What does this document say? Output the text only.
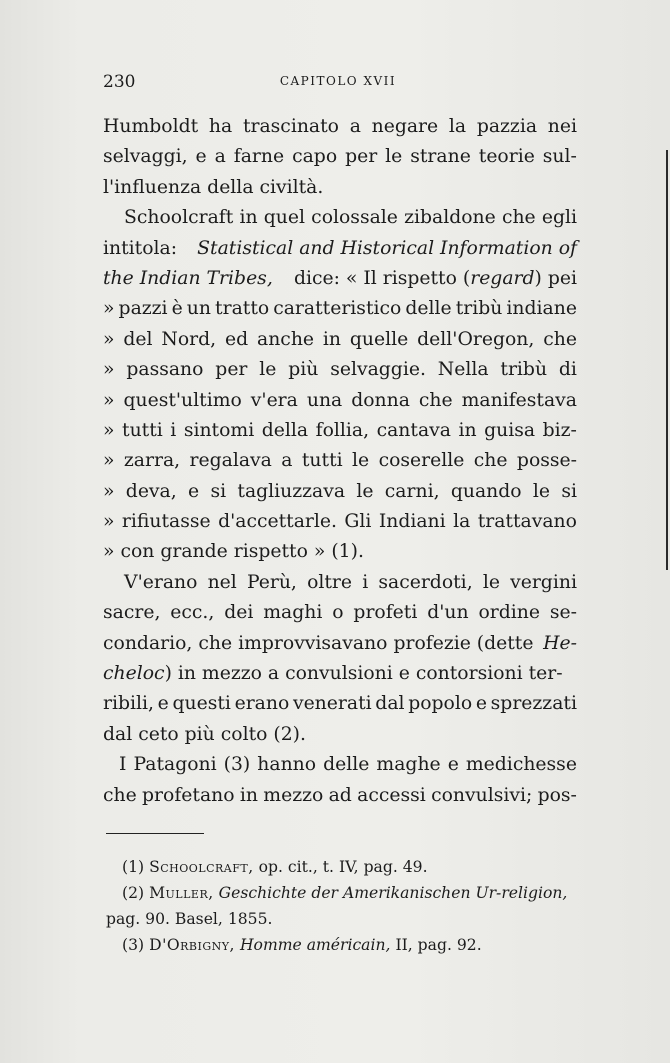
230	CAPITOLO XVII
Humboldt ha trascinato a negare la pazzia nei
selvaggi, e a farne capo per le strane teorie sul-
l'influenza della civiltà.
Schoolcraft in quel colossale zibaldone che egli
intitola: Statistical and Historical Information of
the Indian Tribes, dice: « Il rispetto (regard) pei
» pazzi è un tratto caratteristico delle tribù indiane
» del Nord, ed anche in quelle dell'Oregon, che
» passano per le più selvaggie. Nella tribù di
» quest'ultimo v'era una donna che manifestava
» tutti i sintomi della follia, cantava in guisa biz-
» zarra, regalava a tutti le coserelle che posse-
» deva, e si tagliuzzava le carni, quando le si
» rifiutasse d'accettarle. Gli Indiani la trattavano
» con grande rispetto » (1).
V'erano nel Perù, oltre i sacerdoti, le vergini
sacre, ecc., dei maghi o profeti d'un ordine se-
condario, che improvvisavano profezie (dette He-
cheloc) in mezzo a convulsioni e contorsioni ter-
ribili, e questi erano venerati dal popolo e sprezzati
dal ceto più colto (2).
I Patagoni (3) hanno delle maghe e medichesse
che profetano in mezzo ad accessi convulsivi; pos-
(1) Schoolcraft, op. cit., t. IV, pag. 49.
(2) Muller, Geschichte der Amerikanischen Ur-religion,
pag. 90. Basel, 1855.
(3) D'Orbigny, Homme américain, II, pag. 92.
